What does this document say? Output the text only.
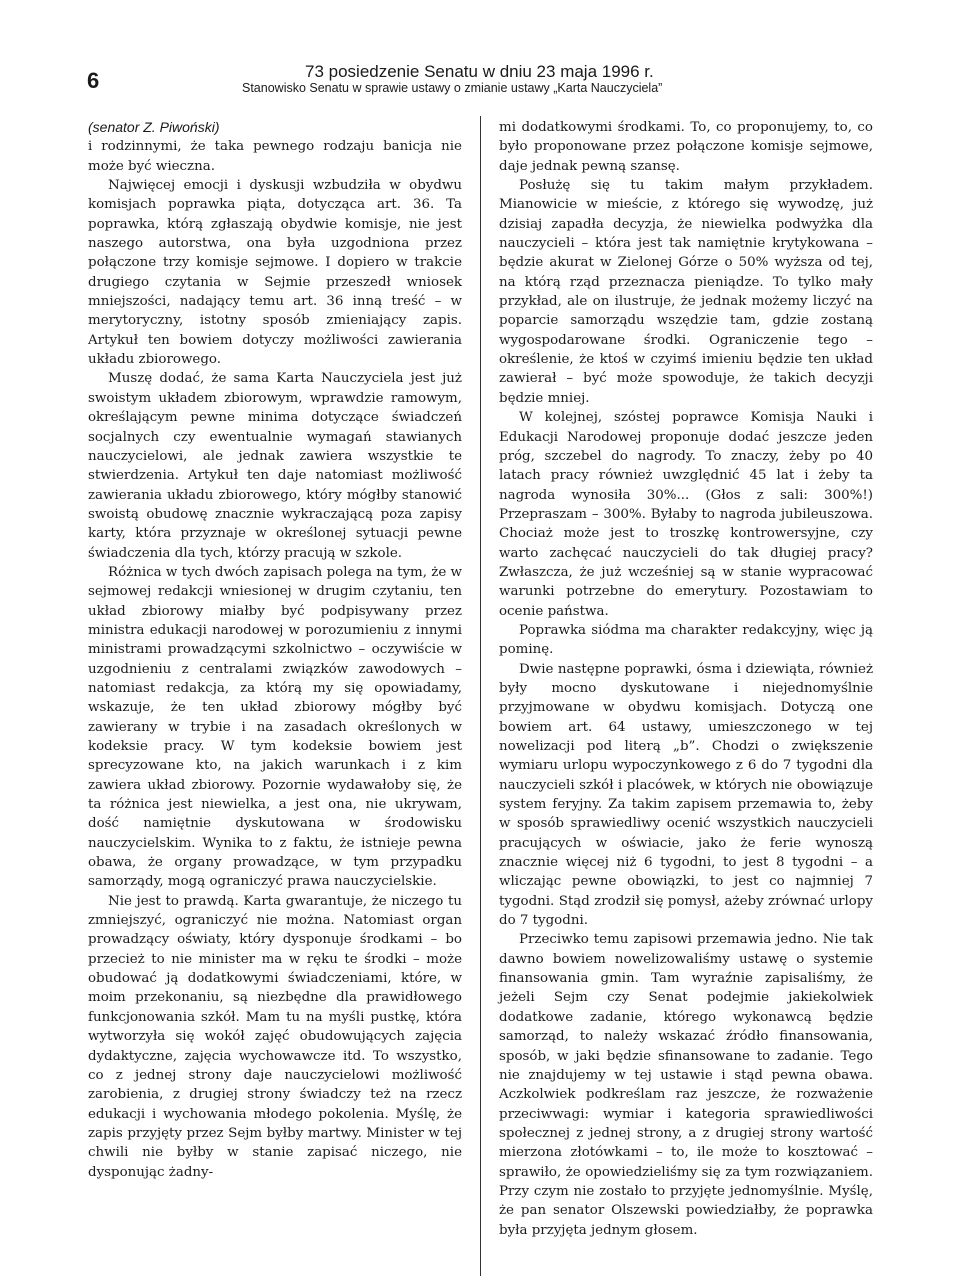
6	73 posiedzenie Senatu w dniu 23 maja 1996 r.
Stanowisko Senatu w sprawie ustawy o zmianie ustawy „Karta Nauczyciela”

(senator Z. Piwoński)

i rodzinnymi, że taka pewnego rodzaju banicja nie może być wieczna.

Najwięcej emocji i dyskusji wzbudziła w obydwu komisjach poprawka piąta, dotycząca art. 36. Ta poprawka, którą zgłaszają obydwie komisje, nie jest naszego autorstwa, ona była uzgodniona przez połączone trzy komisje sejmowe. I dopiero w trakcie drugiego czytania w Sejmie przeszedł wniosek mniejszości, nadający temu art. 36 inną treść – w merytoryczny, istotny sposób zmieniający zapis. Artykuł ten bowiem dotyczy możliwości zawierania układu zbiorowego.

Muszę dodać, że sama Karta Nauczyciela jest już swoistym układem zbiorowym, wprawdzie ramowym, określającym pewne minima dotyczące świadczeń socjalnych czy ewentualnie wymagań stawianych nauczycielowi, ale jednak zawiera wszystkie te stwierdzenia. Artykuł ten daje natomiast możliwość zawierania układu zbiorowego, który mógłby stanowić swoistą obudowę znacznie wykraczającą poza zapisy karty, która przyznaje w określonej sytuacji pewne świadczenia dla tych, którzy pracują w szkole.

Różnica w tych dwóch zapisach polega na tym, że w sejmowej redakcji wniesionej w drugim czytaniu, ten układ zbiorowy miałby być podpisywany przez ministra edukacji narodowej w porozumieniu z innymi ministrami prowadzącymi szkolnictwo – oczywiście w uzgodnieniu z centralami związków zawodowych – natomiast redakcja, za którą my się opowiadamy, wskazuje, że ten układ zbiorowy mógłby być zawierany w trybie i na zasadach określonych w kodeksie pracy. W tym kodeksie bowiem jest sprecyzowane kto, na jakich warunkach i z kim zawiera układ zbiorowy. Pozornie wydawałoby się, że ta różnica jest niewielka, a jest ona, nie ukrywam, dość namiętnie dyskutowana w środowisku nauczycielskim. Wynika to z faktu, że istnieje pewna obawa, że organy prowadzące, w tym przypadku samorządy, mogą ograniczyć prawa nauczycielskie.

Nie jest to prawdą. Karta gwarantuje, że niczego tu zmniejszyć, ograniczyć nie można. Natomiast organ prowadzący oświaty, który dysponuje środkami – bo przecież to nie minister ma w ręku te środki – może obudować ją dodatkowymi świadczeniami, które, w moim przekonaniu, są niezbędne dla prawidłowego funkcjonowania szkół. Mam tu na myśli pustkę, która wytworzyła się wokół zajęć obudowujących zajęcia dydaktyczne, zajęcia wychowawcze itd. To wszystko, co z jednej strony daje nauczycielowi możliwość zarobienia, z drugiej strony świadczy też na rzecz edukacji i wychowania młodego pokolenia. Myślę, że zapis przyjęty przez Sejm byłby martwy. Minister w tej chwili nie byłby w stanie zapisać niczego, nie dysponując żadny-

mi dodatkowymi środkami. To, co proponujemy, to, co było proponowane przez połączone komisje sejmowe, daje jednak pewną szansę.

Posłużę się tu takim małym przykładem. Mianowicie w mieście, z którego się wywodzę, już dzisiaj zapadła decyzja, że niewielka podwyżka dla nauczycieli – która jest tak namiętnie krytykowana – będzie akurat w Zielonej Górze o 50% wyższa od tej, na którą rząd przeznacza pieniądze. To tylko mały przykład, ale on ilustruje, że jednak możemy liczyć na poparcie samorządu wszędzie tam, gdzie zostaną wygospodarowane środki. Ograniczenie tego – określenie, że ktoś w czyimś imieniu będzie ten układ zawierał – być może spowoduje, że takich decyzji będzie mniej.

W kolejnej, szóstej poprawce Komisja Nauki i Edukacji Narodowej proponuje dodać jeszcze jeden próg, szczebel do nagrody. To znaczy, żeby po 40 latach pracy również uwzględnić 45 lat i żeby ta nagroda wynosiła 30%... (Głos z sali: 300%!) Przepraszam – 300%. Byłaby to nagroda jubileuszowa. Chociaż może jest to troszkę kontrowersyjne, czy warto zachęcać nauczycieli do tak długiej pracy? Zwłaszcza, że już wcześniej są w stanie wypracować warunki potrzebne do emerytury. Pozostawiam to ocenie państwa.

Poprawka siódma ma charakter redakcyjny, więc ją pominę.

Dwie następne poprawki, ósma i dziewiąta, również były mocno dyskutowane i niejednomyślnie przyjmowane w obydwu komisjach. Dotyczą one bowiem art. 64 ustawy, umieszczonego w tej nowelizacji pod literą „b”. Chodzi o zwiększenie wymiaru urlopu wypoczynkowego z 6 do 7 tygodni dla nauczycieli szkół i placówek, w których nie obowiązuje system feryjny. Za takim zapisem przemawia to, żeby w sposób sprawiedliwy ocenić wszystkich nauczycieli pracujących w oświacie, jako że ferie wynoszą znacznie więcej niż 6 tygodni, to jest 8 tygodni – a wliczając pewne obowiązki, to jest co najmniej 7 tygodni. Stąd zrodził się pomysł, ażeby zrównać urlopy do 7 tygodni.

Przeciwko temu zapisowi przemawia jedno. Nie tak dawno bowiem nowelizowaliśmy ustawę o systemie finansowania gmin. Tam wyraźnie zapisaliśmy, że jeżeli Sejm czy Senat podejmie jakiekolwiek dodatkowe zadanie, którego wykonawcą będzie samorząd, to należy wskazać źródło finansowania, sposób, w jaki będzie sfinansowane to zadanie. Tego nie znajdujemy w tej ustawie i stąd pewna obawa. Aczkolwiek podkreślam raz jeszcze, że rozważenie przeciwwagi: wymiar i kategoria sprawiedliwości społecznej z jednej strony, a z drugiej strony wartość mierzona złotówkami – to, ile może to kosztować – sprawiło, że opowiedzieliśmy się za tym rozwiązaniem. Przy czym nie zostało to przyjęte jednomyślnie. Myślę, że pan senator Olszewski powiedziałby, że poprawka była przyjęta jednym głosem.
